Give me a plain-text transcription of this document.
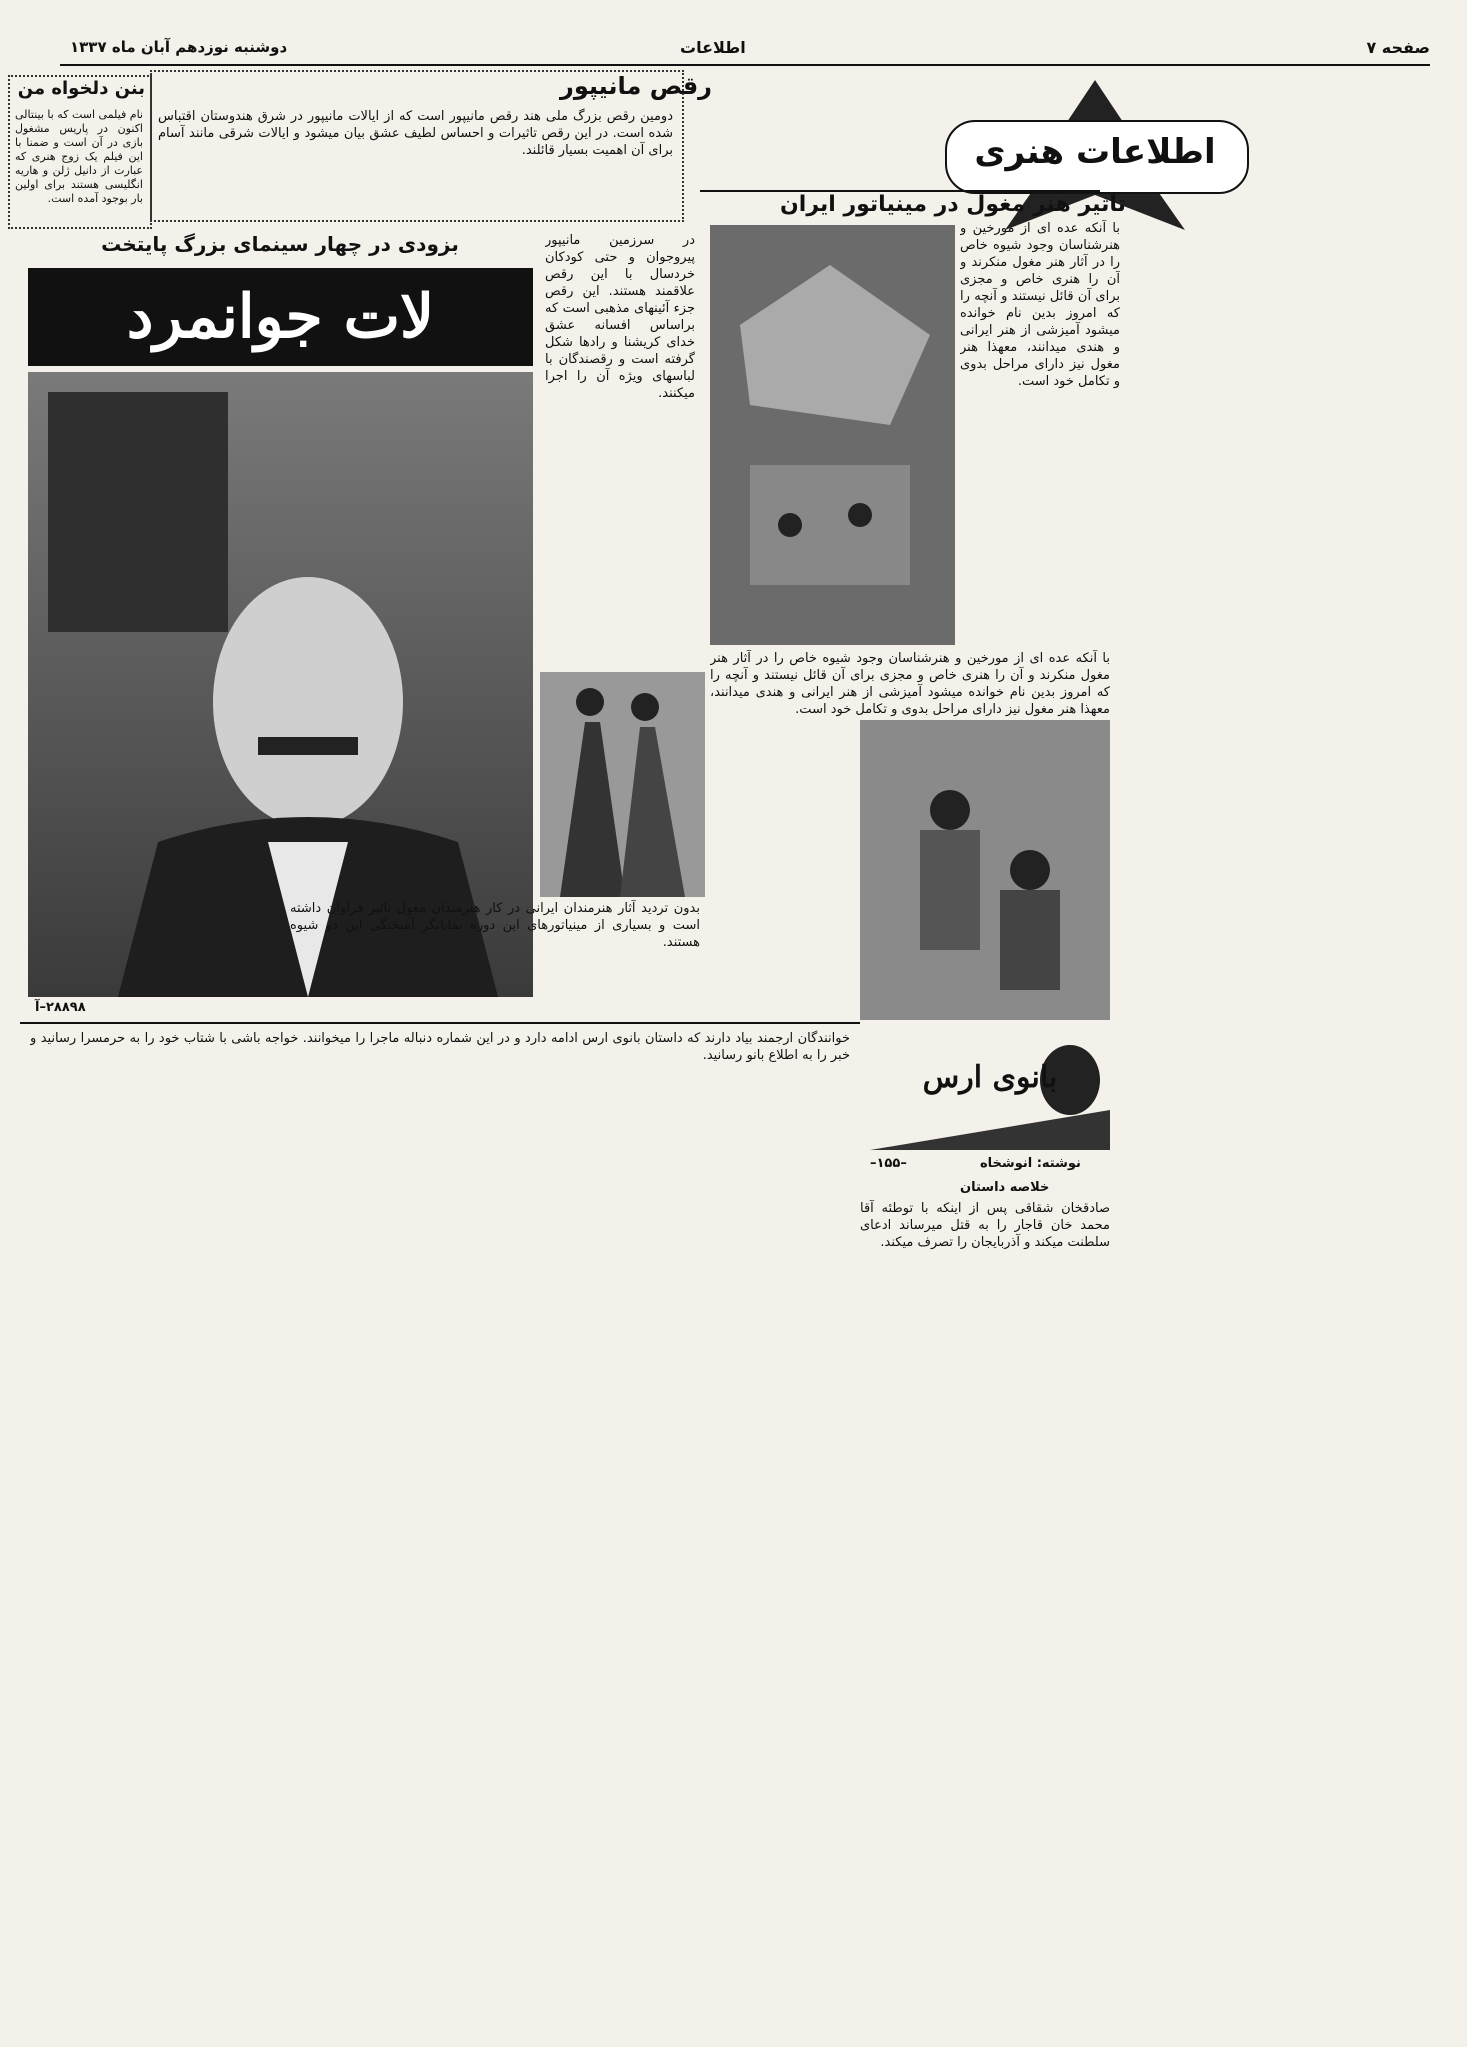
صفحه ۷
اطلاعات
دوشنبه نوزدهم آبان ماه ۱۳۳۷
اطلاعات هنری
بنن دلخواه من
نام فیلمی است که با بینتالی اکنون در پاریس مشغول بازی در آن است و ضمنا با این فیلم یک زوج هنری که عبارت از دانیل ژلن و هاریه انگلیسی هستند برای اولین بار بوجود آمده است.
رقص مانیپور
دومین رقص بزرگ ملی هند رقص مانیپور است که از ایالات مانیپور در شرق هندوستان اقتباس شده است. در این رقص تاثیرات و احساس لطیف عشق بیان میشود و ایالات شرقی مانند آسام برای آن اهمیت بسیار قائلند.
تاثیر هنر مغول در مینیاتور ایران
بزودی در چهار سینمای بزرگ پایتخت
لات جوانمرد
۲۸۸۹۸–آ
در سرزمین مانیپور پیروجوان و حتی کودکان خردسال با این رقص علاقمند هستند. این رقص جزء آئینهای مذهبی است که براساس افسانه عشق خدای کریشنا و رادها شکل گرفته است و رقصندگان با لباسهای ویژه آن را اجرا میکنند.
بدون تردید آثار هنرمندان ایرانی در کار هنرمندان مغول تاثیر فراوان داشته است و بسیاری از مینیاتورهای این دوره نمایانگر آمیختگی این دو شیوه هستند.
با آنکه عده ای از مورخین و هنرشناسان وجود شیوه خاص را در آثار هنر مغول منکرند و آن را هنری خاص و مجزی برای آن قائل نیستند و آنچه را که امروز بدین نام خوانده میشود آمیزشی از هنر ایرانی و هندی میدانند، معهذا هنر مغول نیز دارای مراحل بدوی و تکامل خود است.
با آنکه عده ای از مورخین و هنرشناسان وجود شیوه خاص را در آثار هنر مغول منکرند و آن را هنری خاص و مجزی برای آن قائل نیستند و آنچه را که امروز بدین نام خوانده میشود آمیزشی از هنر ایرانی و هندی میدانند، معهذا هنر مغول نیز دارای مراحل بدوی و تکامل خود است.
خوانندگان ارجمند بیاد دارند که داستان بانوی ارس ادامه دارد و در این شماره دنباله ماجرا را میخوانند. خواجه باشی با شتاب خود را به حرمسرا رسانید و خبر را به اطلاع بانو رسانید.
بانوی ارس
–۱۵۵–	نوشته: انوشخاه
خلاصه داستان
صادقخان شقاقی پس از اینکه با توطئه آقا محمد خان قاجار را به قتل میرساند ادعای سلطنت میکند و آذربایجان را تصرف میکند.
